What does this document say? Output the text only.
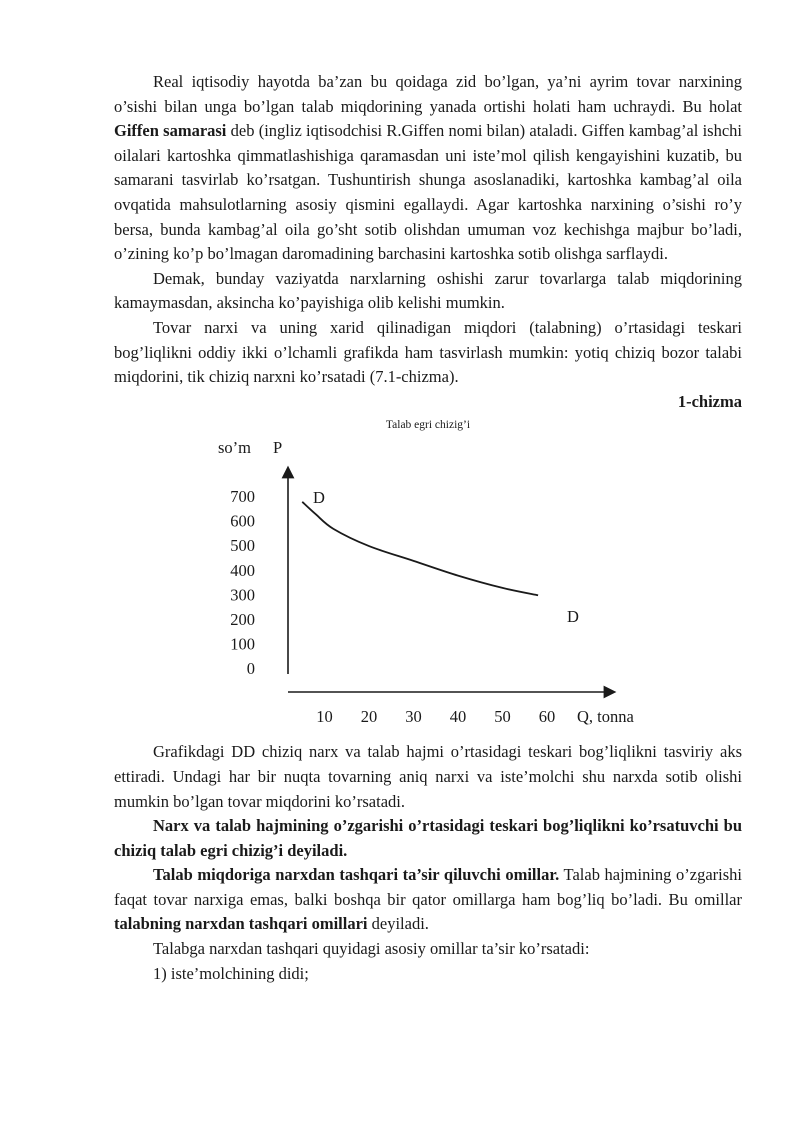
Real iqtisodiy hayotda ba’zan bu qoidaga zid bo’lgan, ya’ni ayrim tovar narxining o’sishi bilan unga bo’lgan talab miqdorining yanada ortishi holati ham uchraydi. Bu holat Giffen samarasi deb (ingliz iqtisodchisi R.Giffen nomi bilan) ataladi. Giffen kambag’al ishchi oilalari kartoshka qimmatlashishiga qaramasdan uni iste’mol qilish kengayishini kuzatib, bu samarani tasvirlab ko’rsatgan. Tushuntirish shunga asoslanadiki, kartoshka kambag’al oila ovqatida mahsulotlarning asosiy qismini egallaydi. Agar kartoshka narxining o’sishi ro’y bersa, bunda kambag’al oila go’sht sotib olishdan umuman voz kechishga majbur bo’ladi, o’zining ko’p bo’lmagan daromadining barchasini kartoshka sotib olishga sarflaydi.

Demak, bunday vaziyatda narxlarning oshishi zarur tovarlarga talab miqdorining kamaymasdan, aksincha ko’payishiga olib kelishi mumkin.

Tovar narxi va uning xarid qilinadigan miqdori (talabning) o’rtasidagi teskari bog’liqlikni oddiy ikki o’lchamli grafikda ham tasvirlash mumkin: yotiq chiziq bozor talabi miqdorini, tik chiziq narxni ko’rsatadi (7.1-chizma).

1-chizma

Talab egri chizig’i
so’m P
Q, tonna
700
600
500
400
300
200
100
0
10 20 30 40 50 60
D
D

Grafikdagi DD chiziq narx va talab hajmi o’rtasidagi teskari bog’liqlikni tasviriy aks ettiradi. Undagi har bir nuqta tovarning aniq narxi va iste’molchi shu narxda sotib olishi mumkin bo’lgan tovar miqdorini ko’rsatadi.

Narx va talab hajmining o’zgarishi o’rtasidagi teskari bog’liqlikni ko’rsatuvchi bu chiziq talab egri chizig’i deyiladi.

Talab miqdoriga narxdan tashqari ta’sir qiluvchi omillar. Talab hajmining o’zgarishi faqat tovar narxiga emas, balki boshqa bir qator omillarga ham bog’liq bo’ladi. Bu omillar talabning narxdan tashqari omillari deyiladi.

Talabga narxdan tashqari quyidagi asosiy omillar ta’sir ko’rsatadi:

1) iste’molchining didi;
